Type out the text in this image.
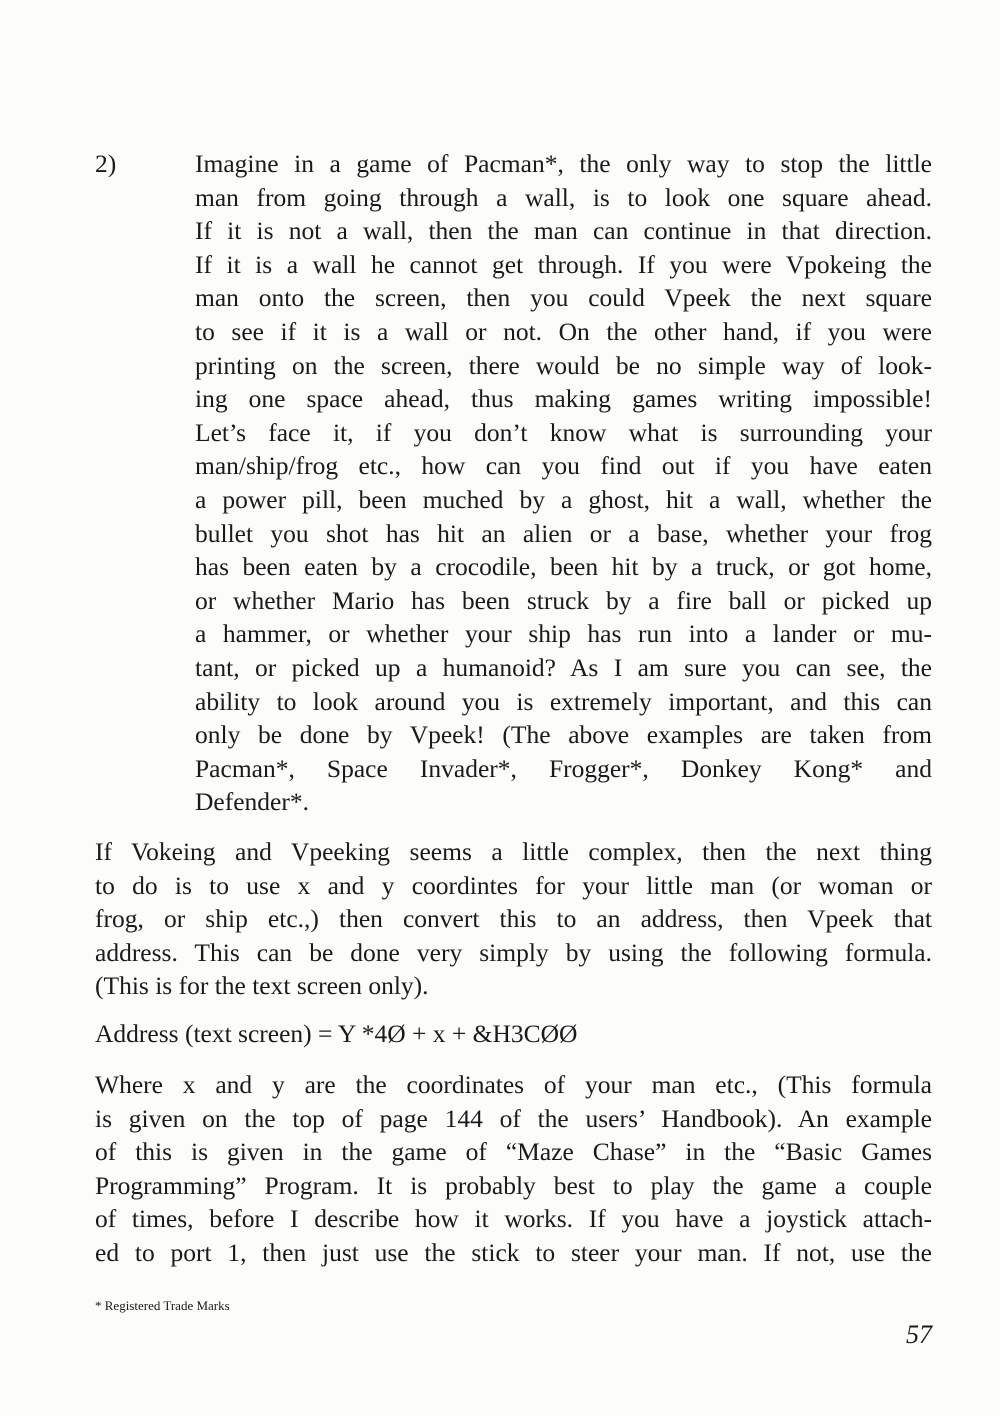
2)	Imagine in a game of Pacman*, the only way to stop the little
man from going through a wall, is to look one square ahead.
If it is not a wall, then the man can continue in that direction.
If it is a wall he cannot get through. If you were Vpokeing the
man onto the screen, then you could Vpeek the next square
to see if it is a wall or not. On the other hand, if you were
printing on the screen, there would be no simple way of look-
ing one space ahead, thus making games writing impossible!
Let’s face it, if you don’t know what is surrounding your
man/ship/frog etc., how can you find out if you have eaten
a power pill, been muched by a ghost, hit a wall, whether the
bullet you shot has hit an alien or a base, whether your frog
has been eaten by a crocodile, been hit by a truck, or got home,
or whether Mario has been struck by a fire ball or picked up
a hammer, or whether your ship has run into a lander or mu-
tant, or picked up a humanoid? As I am sure you can see, the
ability to look around you is extremely important, and this can
only be done by Vpeek! (The above examples are taken from
Pacman*, Space Invader*, Frogger*, Donkey Kong* and
Defender*.
If Vokeing and Vpeeking seems a little complex, then the next thing
to do is to use x and y coordintes for your little man (or woman or
frog, or ship etc.,) then convert this to an address, then Vpeek that
address. This can be done very simply by using the following formula.
(This is for the text screen only).
Address (text screen) = Y *4Ø + x + &H3CØØ
Where x and y are the coordinates of your man etc., (This formula
is given on the top of page 144 of the users’ Handbook). An example
of this is given in the game of “Maze Chase” in the “Basic Games
Programming” Program. It is probably best to play the game a couple
of times, before I describe how it works. If you have a joystick attach-
ed to port 1, then just use the stick to steer your man. If not, use the
* Registered Trade Marks
57
